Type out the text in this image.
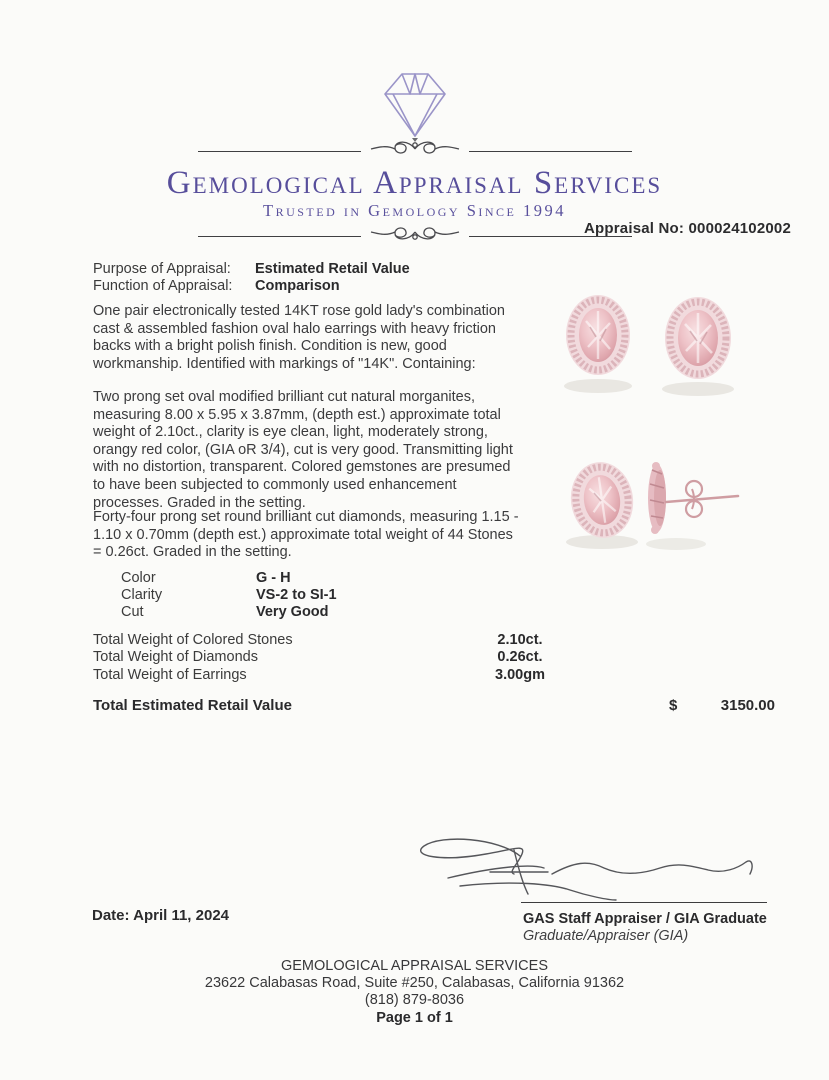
Gemological Appraisal Services
Trusted in Gemology Since 1994
Appraisal No: 000024102002
Purpose of Appraisal:	Estimated Retail Value
Function of Appraisal:	Comparison
One pair electronically tested 14KT rose gold lady's combination cast & assembled fashion oval halo earrings with heavy friction backs with a bright polish finish. Condition is new, good workmanship. Identified with markings of "14K". Containing:
Two prong set oval modified brilliant cut natural morganites, measuring 8.00 x 5.95 x 3.87mm, (depth est.) approximate total weight of 2.10ct., clarity is eye clean, light, moderately strong, orangy red color, (GIA oR 3/4), cut is very good. Transmitting light with no distortion, transparent. Colored gemstones are presumed to have been subjected to commonly used enhancement processes. Graded in the setting.
Forty-four prong set round brilliant cut diamonds, measuring 1.15 - 1.10 x 0.70mm (depth est.) approximate total weight of 44 Stones = 0.26ct. Graded in the setting.
Color	G - H
Clarity	VS-2 to SI-1
Cut	Very Good
Total Weight of Colored Stones	2.10ct.
Total Weight of Diamonds	0.26ct.
Total Weight of Earrings	3.00gm
Total Estimated Retail Value	$	3150.00
Date: April 11, 2024	GAS Staff Appraiser / GIA Graduate
Graduate/Appraiser (GIA)
GEMOLOGICAL APPRAISAL SERVICES
23622 Calabasas Road, Suite #250, Calabasas, California 91362
(818) 879-8036
Page 1 of 1
